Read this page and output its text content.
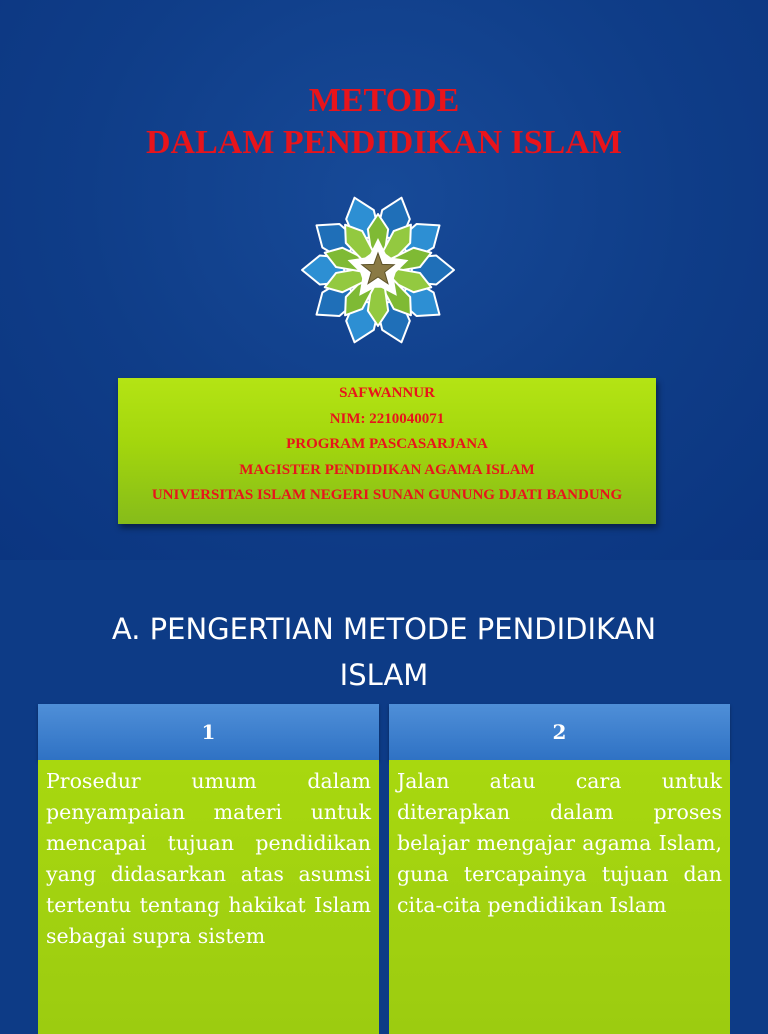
METODE
DALAM PENDIDIKAN ISLAM
SAFWANNUR
NIM: 2210040071
PROGRAM PASCASARJANA
MAGISTER PENDIDIKAN AGAMA ISLAM
UNIVERSITAS ISLAM NEGERI SUNAN GUNUNG DJATI BANDUNG
A. PENGERTIAN METODE PENDIDIKAN
ISLAM
1
Prosedur umum dalam penyampaian materi untuk mencapai tujuan pendidikan yang didasarkan atas asumsi tertentu tentang hakikat Islam sebagai supra sistem
2
Jalan atau cara untuk diterapkan dalam proses belajar mengajar agama Islam, guna tercapainya tujuan dan cita-cita pendidikan Islam
